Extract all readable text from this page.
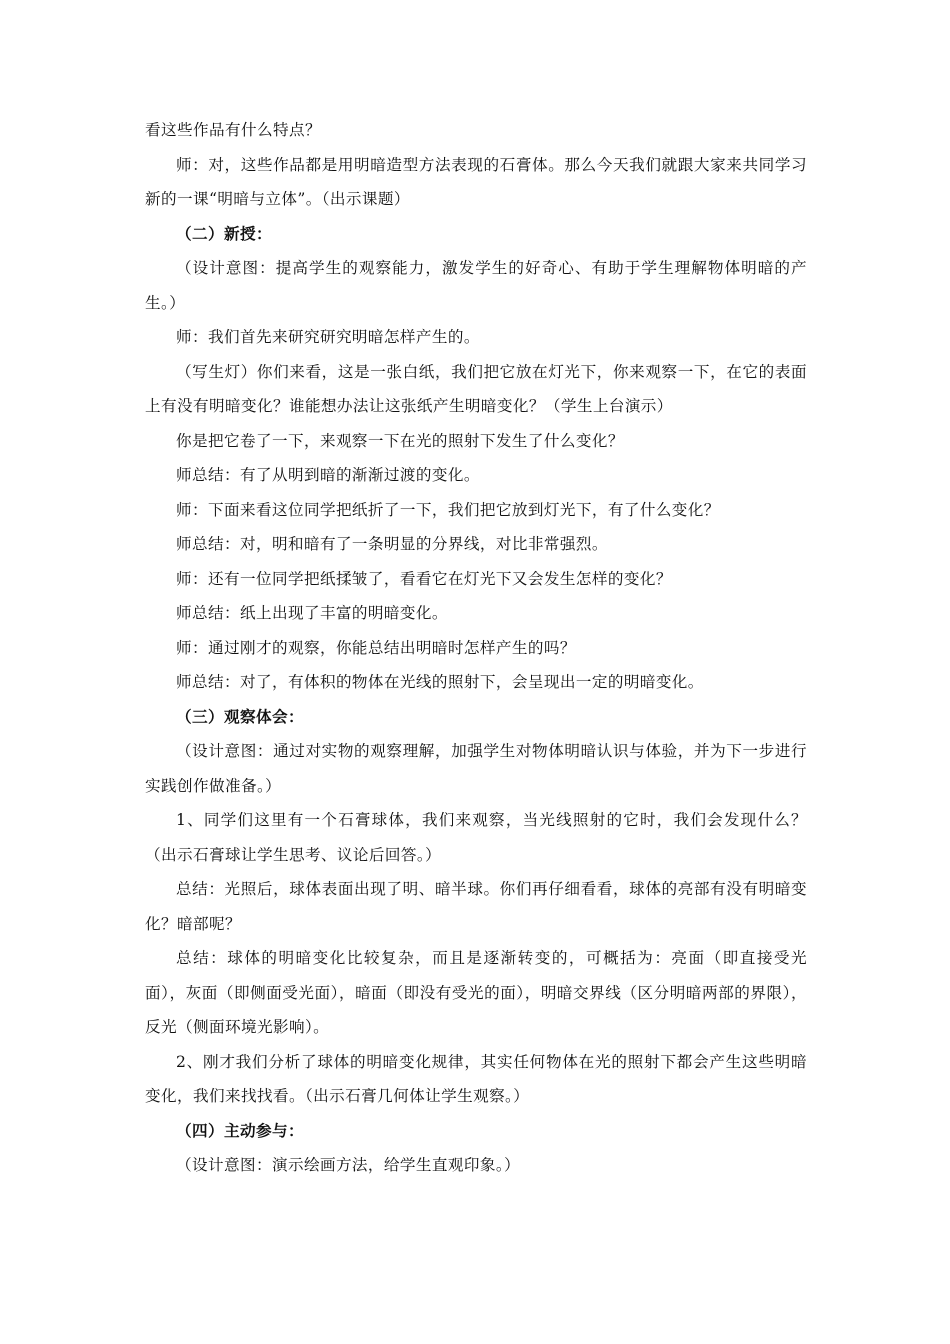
看这些作品有什么特点？

师：对，这些作品都是用明暗造型方法表现的石膏体。那么今天我们就跟大家来共同学习新的一课“明暗与立体”。（出示课题）

（二）新授：

（设计意图：提高学生的观察能力，激发学生的好奇心、有助于学生理解物体明暗的产生。）

师：我们首先来研究研究明暗怎样产生的。

（写生灯）你们来看，这是一张白纸，我们把它放在灯光下，你来观察一下，在它的表面上有没有明暗变化？谁能想办法让这张纸产生明暗变化？（学生上台演示）

你是把它卷了一下，来观察一下在光的照射下发生了什么变化？

师总结：有了从明到暗的渐渐过渡的变化。

师：下面来看这位同学把纸折了一下，我们把它放到灯光下，有了什么变化？

师总结：对，明和暗有了一条明显的分界线，对比非常强烈。

师：还有一位同学把纸揉皱了，看看它在灯光下又会发生怎样的变化？

师总结：纸上出现了丰富的明暗变化。

师：通过刚才的观察，你能总结出明暗时怎样产生的吗？

师总结：对了，有体积的物体在光线的照射下，会呈现出一定的明暗变化。

（三）观察体会：

（设计意图：通过对实物的观察理解，加强学生对物体明暗认识与体验，并为下一步进行实践创作做准备。）

1、同学们这里有一个石膏球体，我们来观察，当光线照射的它时，我们会发现什么？（出示石膏球让学生思考、议论后回答。）

总结：光照后，球体表面出现了明、暗半球。你们再仔细看看，球体的亮部有没有明暗变化？暗部呢？

总结：球体的明暗变化比较复杂，而且是逐渐转变的，可概括为：亮面（即直接受光面），灰面（即侧面受光面），暗面（即没有受光的面），明暗交界线（区分明暗两部的界限），反光（侧面环境光影响）。

2、刚才我们分析了球体的明暗变化规律，其实任何物体在光的照射下都会产生这些明暗变化，我们来找找看。（出示石膏几何体让学生观察。）

（四）主动参与：

（设计意图：演示绘画方法，给学生直观印象。）
